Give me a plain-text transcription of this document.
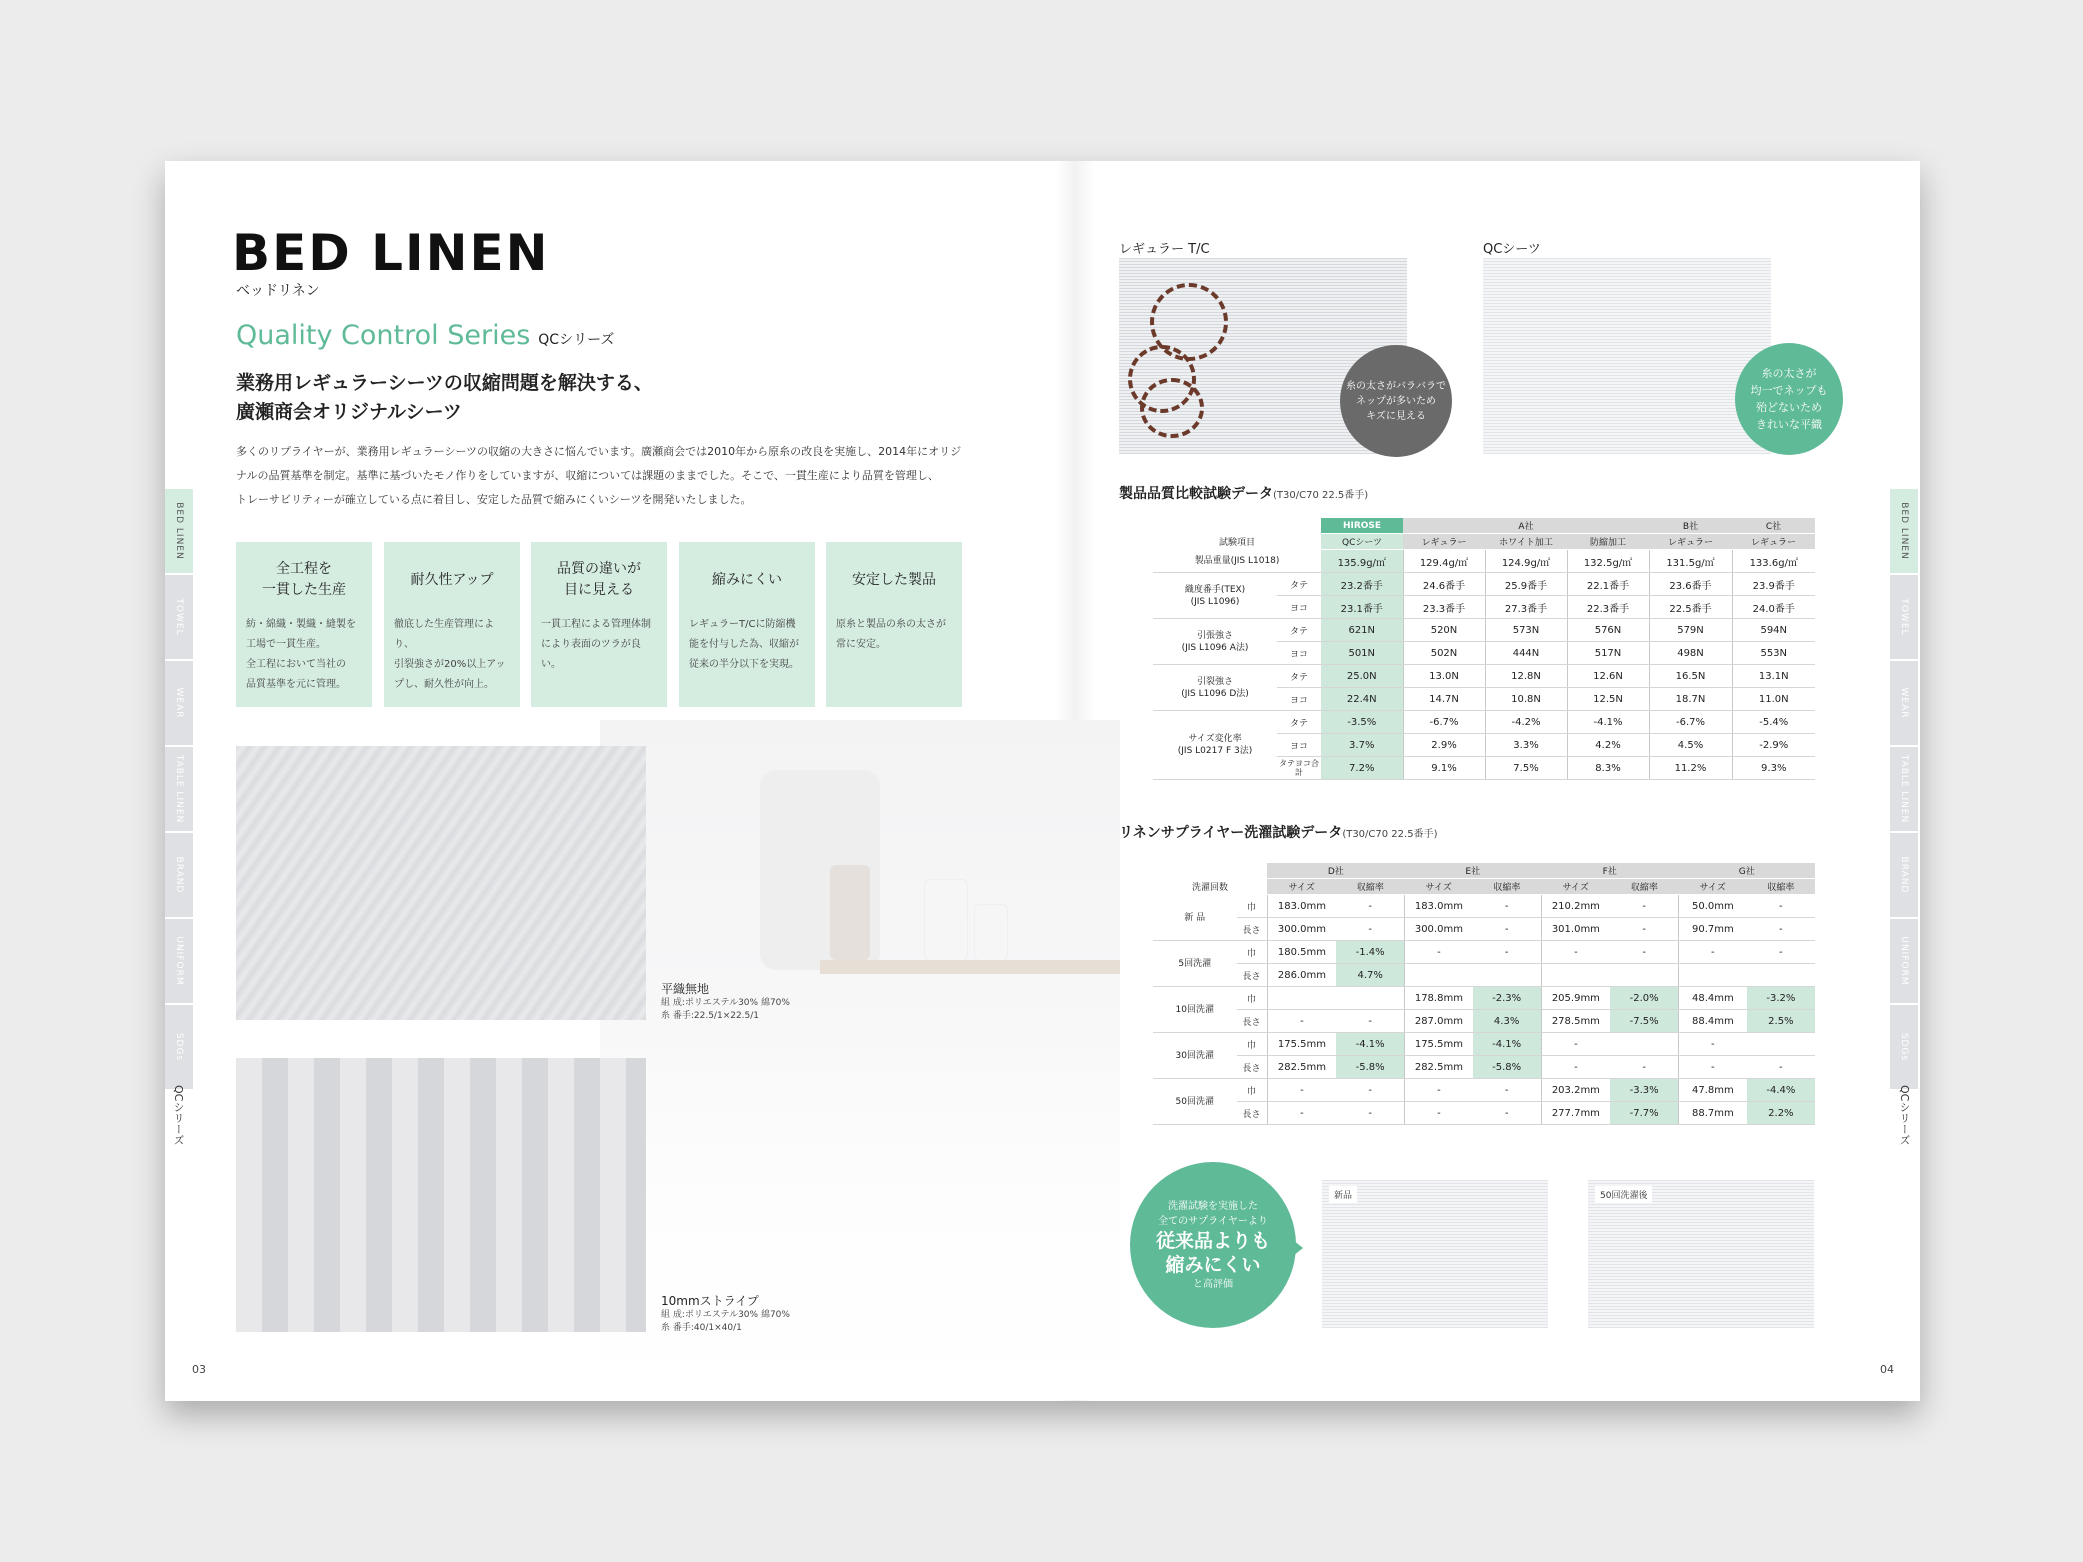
BED LINEN
ベッドリネン
Quality Control Series QCシリーズ
業務用レギュラーシーツの収縮問題を解決する、
廣瀬商会オリジナルシーツ
多くのリプライヤーが、業務用レギュラーシーツの収縮の大きさに悩んでいます。廣瀬商会では2010年から原糸の改良を実施し、2014年にオリジ
ナルの品質基準を制定。基準に基づいたモノ作りをしていますが、収縮については課題のままでした。そこで、一貫生産により品質を管理し、
トレーサビリティーが確立している点に着目し、安定した品質で縮みにくいシーツを開発いたしました。
全工程を
一貫した生産
紡・綿織・製織・縫製を
工場で一貫生産。
全工程において当社の
品質基準を元に管理。
耐久性アップ
徹底した生産管理により、
引裂強さが20%以上アッ
プし、耐久性が向上。
品質の違いが
目に見える
一貫工程による管理体制
により表面のツラが良い。
縮みにくい
レギュラーT/Cに防縮機
能を付与した為、収縮が
従来の半分以下を実現。
安定した製品
原糸と製品の糸の太さが
常に安定。
平織無地
組 成:ポリエステル30% 綿70%
糸 番手:22.5/1×22.5/1
10mmストライプ
組 成:ポリエステル30% 綿70%
糸 番手:40/1×40/1
03	04
BED LINEN
TOWEL
WEAR
TABLE LINEN
BRAND
UNIFORM
SDGs
QCシリーズ
BED LINEN
TOWEL
WEAR
TABLE LINEN
BRAND
UNIFORM
SDGs
QCシリーズ
レギュラー T/C
糸の太さがバラバラで
ネップが多いため
キズに見える
QCシーツ
糸の太さが
均一でネップも
殆どないため
きれいな平織
製品品質比較試験データ(T30/C70 22.5番手)
		HIROSE	A社			B社	C社
試験項目		QCシーツ	レギュラー	ホワイト加工	防縮加工	レギュラー	レギュラー
製品重量(JIS L1018)		135.9g/㎡	129.4g/㎡	124.9g/㎡	132.5g/㎡	131.5g/㎡	133.6g/㎡

織度番手(TEX)
(JIS L1096)	タテ	23.2番手	24.6番手	25.9番手	22.1番手	23.6番手	23.9番手
	ヨコ	23.1番手	23.3番手	27.3番手	22.3番手	22.5番手	24.0番手

引張強さ
(JIS L1096 A法)	タテ	621N	520N	573N	576N	579N	594N
	ヨコ	501N	502N	444N	517N	498N	553N

引裂強さ
(JIS L1096 D法)	タテ	25.0N	13.0N	12.8N	12.6N	16.5N	13.1N
	ヨコ	22.4N	14.7N	10.8N	12.5N	18.7N	11.0N

サイズ変化率
(JIS L0217 F 3法)	タテ	-3.5%	-6.7%	-4.2%	-4.1%	-6.7%	-5.4%
	ヨコ	3.7%	2.9%	3.3%	4.2%	4.5%	-2.9%
	タテヨコ合計	7.2%	9.1%	7.5%	8.3%	11.2%	9.3%
リネンサプライヤー洗濯試験データ(T30/C70 22.5番手)
		D社		E社		F社		G社	
洗濯回数		サイズ	収縮率	サイズ	収縮率	サイズ	収縮率	サイズ	収縮率
新 品	巾	183.0mm	-	183.0mm	-	210.2mm	-	50.0mm	-
	長さ	300.0mm	-	300.0mm	-	301.0mm	-	90.7mm	-
5回洗濯	巾	180.5mm	-1.4%	-	-	-	-	-	-
	長さ	286.0mm	4.7%						
10回洗濯	巾			178.8mm	-2.3%	205.9mm	-2.0%	48.4mm	-3.2%
	長さ	-	-	287.0mm	4.3%	278.5mm	-7.5%	88.4mm	2.5%
30回洗濯	巾	175.5mm	-4.1%	175.5mm	-4.1%	-		-	
	長さ	282.5mm	-5.8%	282.5mm	-5.8%	-	-	-	-
50回洗濯	巾	-	-	-	-	203.2mm	-3.3%	47.8mm	-4.4%
	長さ	-	-	-	-	277.7mm	-7.7%	88.7mm	2.2%
洗濯試験を実施した
全てのサプライヤーより
従来品よりも
縮みにくい
と高評価
新品	50回洗濯後
